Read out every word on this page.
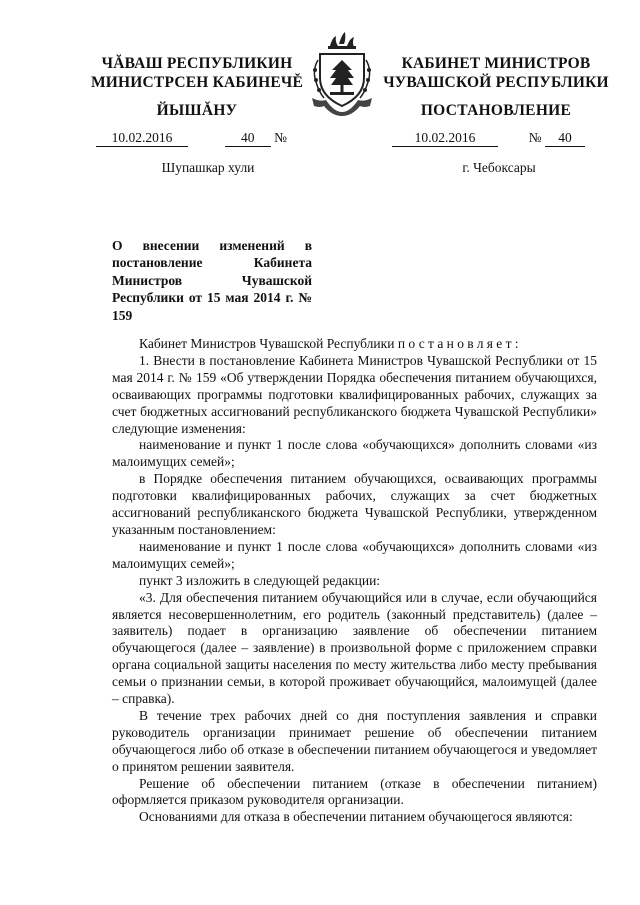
ЧĂВАШ РЕСПУБЛИКИН
МИНИСТРСЕН КАБИНЕЧĚ
ЙЫШĂНУ
КАБИНЕТ МИНИСТРОВ
ЧУВАШСКОЙ РЕСПУБЛИКИ
ПОСТАНОВЛЕНИЕ
10.02.2016	40 №	10.02.2016	№ 40
Шупашкар хули	г. Чебоксары
О внесении изменений в постановление Кабинета Министров Чувашской Республики от 15 мая 2014 г. № 159

Кабинет Министров Чувашской Республики постановляет:

1. Внести в постановление Кабинета Министров Чувашской Республики от 15 мая 2014 г. № 159 «Об утверждении Порядка обеспечения питанием обучающихся, осваивающих программы подготовки квалифицированных рабочих, служащих за счет бюджетных ассигнований республиканского бюджета Чувашской Республики» следующие изменения:

наименование и пункт 1 после слова «обучающихся» дополнить словами «из малоимущих семей»;

в Порядке обеспечения питанием обучающихся, осваивающих программы подготовки квалифицированных рабочих, служащих за счет бюджетных ассигнований республиканского бюджета Чувашской Республики, утвержденном указанным постановлением:

наименование и пункт 1 после слова «обучающихся» дополнить словами «из малоимущих семей»;

пункт 3 изложить в следующей редакции:

«3. Для обеспечения питанием обучающийся или в случае, если обучающийся является несовершеннолетним, его родитель (законный представитель) (далее – заявитель) подает в организацию заявление об обеспечении питанием обучающегося (далее – заявление) в произвольной форме с приложением справки органа социальной защиты населения по месту жительства либо месту пребывания семьи о признании семьи, в которой проживает обучающийся, малоимущей (далее – справка).

В течение трех рабочих дней со дня поступления заявления и справки руководитель организации принимает решение об обеспечении питанием обучающегося либо об отказе в обеспечении питанием обучающегося и уведомляет о принятом решении заявителя.

Решение об обеспечении питанием (отказе в обеспечении питанием) оформляется приказом руководителя организации.

Основаниями для отказа в обеспечении питанием обучающегося являются:
